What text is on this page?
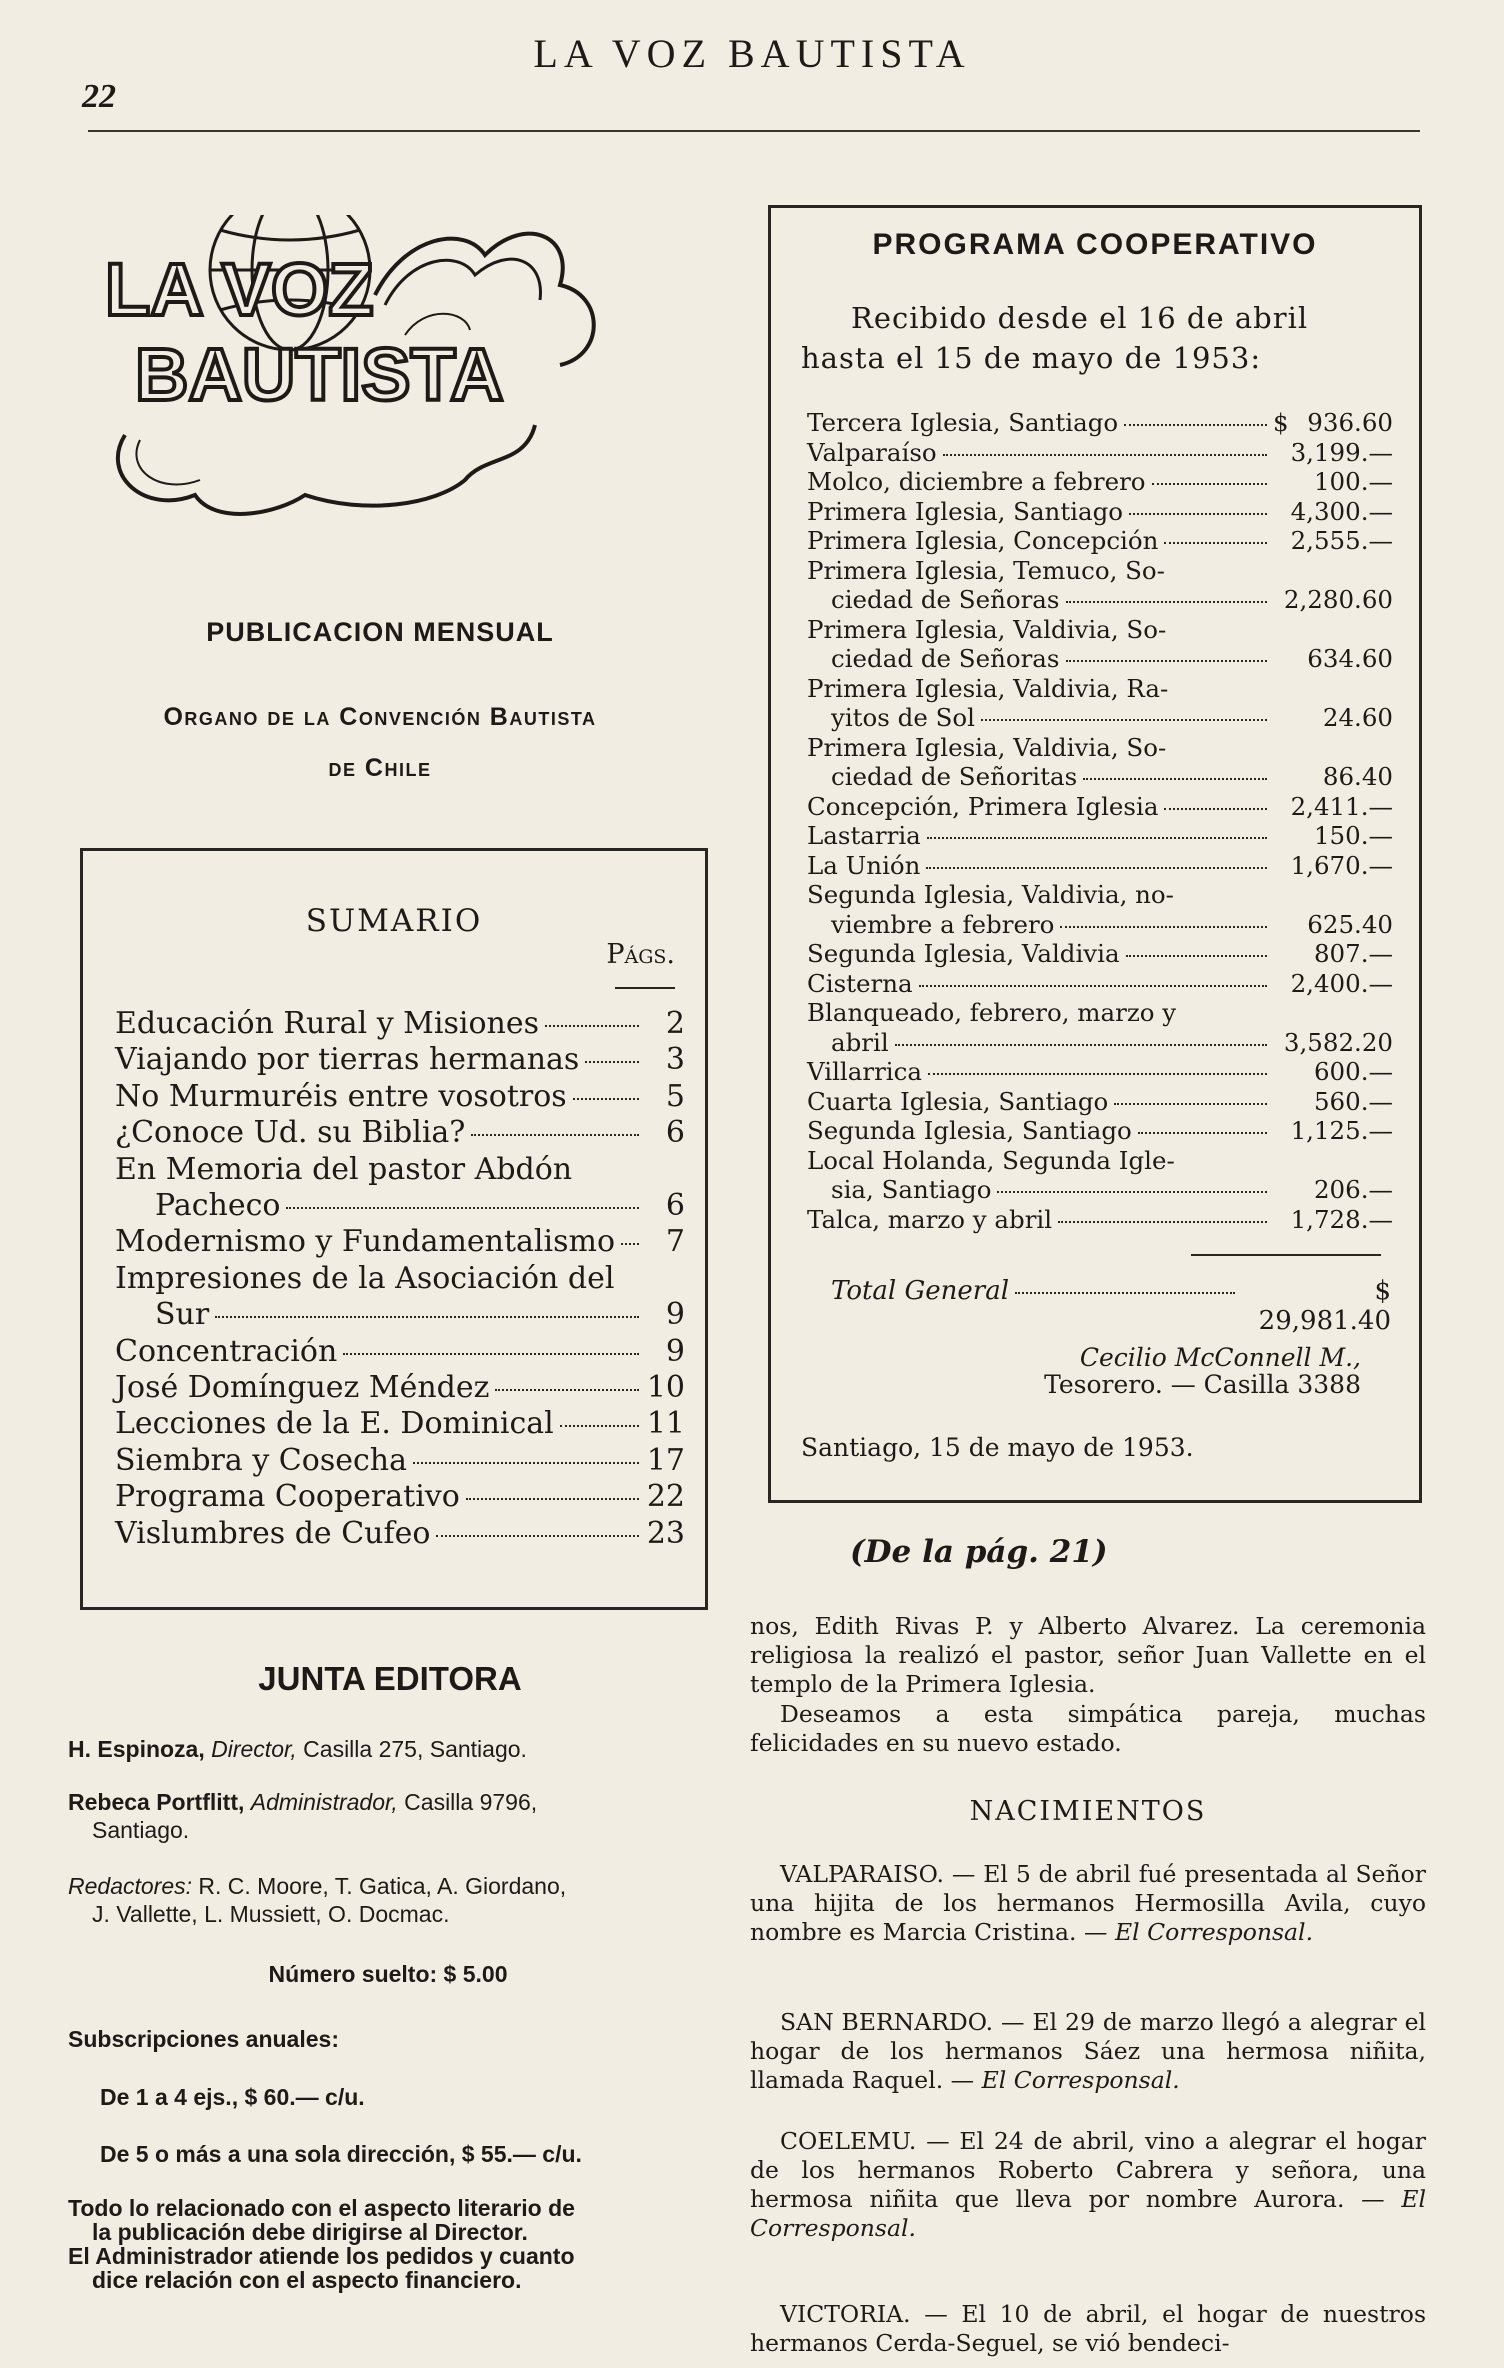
LA VOZ BAUTISTA
22
LA VOZ
BAUTISTA
PUBLICACION MENSUAL
Organo de la Convención Bautista
de Chile
SUMARIO
Págs.
Educación Rural y Misiones	2
Viajando por tierras hermanas	3
No Murmuréis entre vosotros	5
¿Conoce Ud. su Biblia?	6
En Memoria del pastor Abdón
Pacheco	6
Modernismo y Fundamentalismo	7
Impresiones de la Asociación del
Sur	9
Concentración	9
José Domínguez Méndez	10
Lecciones de la E. Dominical	11
Siembra y Cosecha	17
Programa Cooperativo	22
Vislumbres de Cufeo	23
JUNTA EDITORA
H. Espinoza, Director, Casilla 275, Santiago.
Rebeca Portflitt, Administrador, Casilla 9796,
Santiago.
Redactores: R. C. Moore, T. Gatica, A. Giordano,
J. Vallette, L. Mussiett, O. Docmac.
Número suelto: $ 5.00
Subscripciones anuales:
De 1 a 4 ejs., $ 60.— c/u.
De 5 o más a una sola dirección, $ 55.— c/u.
Todo lo relacionado con el aspecto literario de
la publicación debe dirigirse al Director.
El Administrador atiende los pedidos y cuanto
dice relación con el aspecto financiero.
PROGRAMA COOPERATIVO
Recibido desde el 16 de abril hasta el 15 de mayo de 1953:
Tercera Iglesia, Santiago	$ 936.60
Valparaíso	3,199.—
Molco, diciembre a febrero	100.—
Primera Iglesia, Santiago	4,300.—
Primera Iglesia, Concepción	2,555.—
Primera Iglesia, Temuco, So-
ciedad de Señoras	2,280.60
Primera Iglesia, Valdivia, So-
ciedad de Señoras	634.60
Primera Iglesia, Valdivia, Ra-
yitos de Sol	24.60
Primera Iglesia, Valdivia, So-
ciedad de Señoritas	86.40
Concepción, Primera Iglesia	2,411.—
Lastarria	150.—
La Unión	1,670.—
Segunda Iglesia, Valdivia, no-
viembre a febrero	625.40
Segunda Iglesia, Valdivia	807.—
Cisterna	2,400.—
Blanqueado, febrero, marzo y
abril	3,582.20
Villarrica	600.—
Cuarta Iglesia, Santiago	560.—
Segunda Iglesia, Santiago	1,125.—
Local Holanda, Segunda Igle-
sia, Santiago	206.—
Talca, marzo y abril	1,728.—
Total General	$ 29,981.40
Cecilio McConnell M.,
Tesorero. — Casilla 3388
Santiago, 15 de mayo de 1953.
(De la pág. 21)
nos, Edith Rivas P. y Alberto Alvarez. La ceremonia religiosa la realizó el pastor, señor Juan Vallette en el templo de la Primera Iglesia.
Deseamos a esta simpática pareja, muchas felicidades en su nuevo estado.
NACIMIENTOS
VALPARAISO. — El 5 de abril fué presentada al Señor una hijita de los hermanos Hermosilla Avila, cuyo nombre es Marcia Cristina. — El Corresponsal.
SAN BERNARDO. — El 29 de marzo llegó a alegrar el hogar de los hermanos Sáez una hermosa niñita, llamada Raquel. — El Corresponsal.
COELEMU. — El 24 de abril, vino a alegrar el hogar de los hermanos Roberto Cabrera y señora, una hermosa niñita que lleva por nombre Aurora. — El Corresponsal.
VICTORIA. — El 10 de abril, el hogar de nuestros hermanos Cerda-Seguel, se vió bendeci-
